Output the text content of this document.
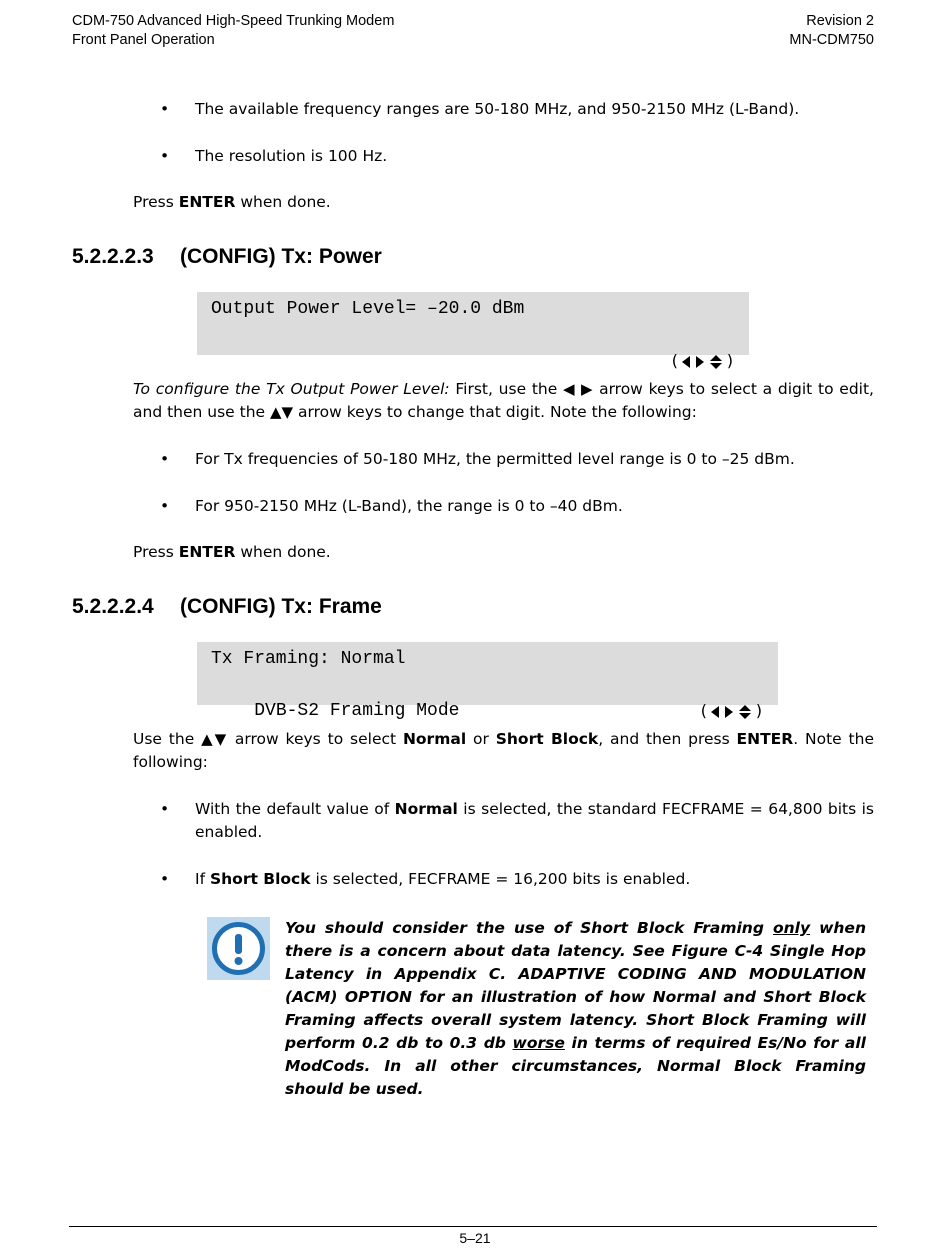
CDM-750 Advanced High-Speed Trunking Modem
Front Panel Operation
Revision 2
MN-CDM750
•	The available frequency ranges are 50-180 MHz, and 950-2150 MHz (L-Band).
•	The resolution is 100 Hz.
Press ENTER when done.
5.2.2.2.3 (CONFIG) Tx: Power
Output Power Level= –20.0 dBm

(	)

To configure the Tx Output Power Level: First, use the ◀ ▶ arrow keys to select a digit to edit, and then use the ▲▼ arrow keys to change that digit. Note the following:
•	For Tx frequencies of 50-180 MHz, the permitted level range is 0 to –25 dBm.
•	For 950-2150 MHz (L-Band), the range is 0 to –40 dBm.
Press ENTER when done.
5.2.2.2.4 (CONFIG) Tx: Frame
Tx Framing: Normal

DVB-S2 Framing Mode
	(	)

Use the ▲▼ arrow keys to select Normal or Short Block, and then press ENTER. Note the following:
•	With the default value of Normal is selected, the standard FECFRAME = 64,800 bits is enabled.
•	If Short Block is selected, FECFRAME = 16,200 bits is enabled.
You should consider the use of Short Block Framing only when there is a concern about data latency. See Figure C-4 Single Hop Latency in Appendix C. ADAPTIVE CODING AND MODULATION (ACM) OPTION for an illustration of how Normal and Short Block Framing affects overall system latency. Short Block Framing will perform 0.2 db to 0.3 db worse in terms of required Es/No for all ModCods. In all other circumstances, Normal Block Framing should be used.
5–21
